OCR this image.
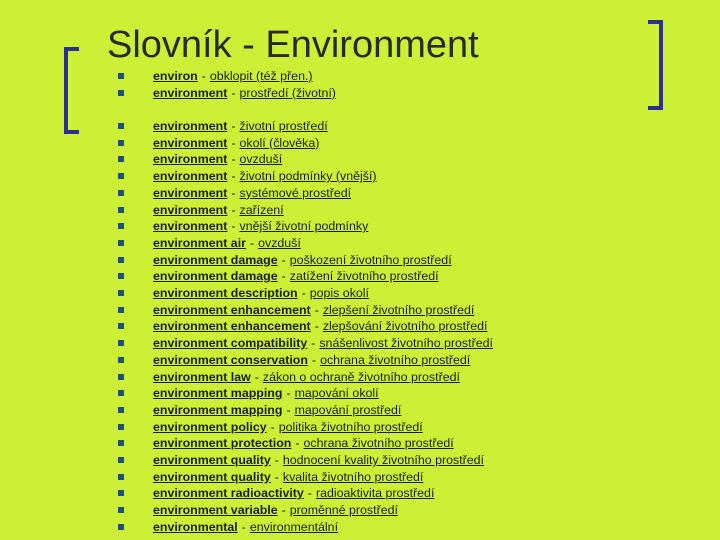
Slovník - Environment
environ - obklopit (též přen.)
environment - prostředí (životní)
environment - životní prostředí
environment - okolí (člověka)
environment - ovzduší
environment - životní podmínky (vnější)
environment - systémové prostředí
environment - zařízení
environment - vnější životní podmínky
environment air - ovzduší
environment damage - poškození životního prostředí
environment damage - zatížení životního prostředí
environment description - popis okolí
environment enhancement - zlepšení životního prostředí
environment enhancement - zlepšování životního prostředí
environment compatibility - snášenlivost životního prostředí
environment conservation - ochrana životního prostředí
environment law - zákon o ochraně životního prostředí
environment mapping - mapování okolí
environment mapping - mapování prostředí
environment policy - politika životního prostředí
environment protection - ochrana životního prostředí
environment quality - hodnocení kvality životního prostředí
environment quality - kvalita životního prostředí
environment radioactivity - radioaktivita prostředí
environment variable - proměnné prostředí
environmental - environmentální
